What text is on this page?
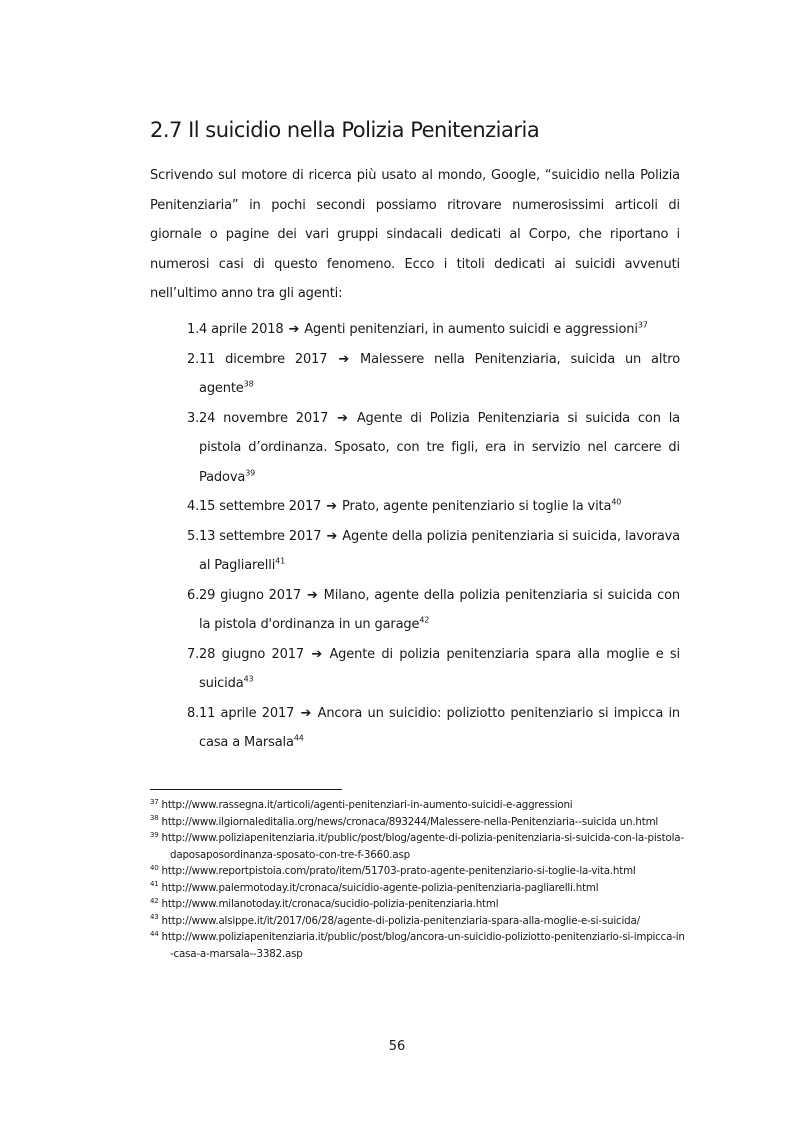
2.7 Il suicidio nella Polizia Penitenziaria

Scrivendo sul motore di ricerca più usato al mondo, Google, “suicidio nella Polizia Penitenziaria” in pochi secondi possiamo ritrovare numerosissimi articoli di giornale o pagine dei vari gruppi sindacali dedicati al Corpo, che riportano i numerosi casi di questo fenomeno. Ecco i titoli dedicati ai suicidi avvenuti nell’ultimo anno tra gli agenti:

1. 4 aprile 2018 ➔ Agenti penitenziari, in aumento suicidi e aggressioni$^{37}$
2. 11 dicembre 2017 ➔ Malessere nella Penitenziaria, suicida un altro agente$^{38}$
3. 24 novembre 2017 ➔ Agente di Polizia Penitenziaria si suicida con la pistola d’ordinanza. Sposato, con tre figli, era in servizio nel carcere di Padova$^{39}$
4. 15 settembre 2017 ➔ Prato, agente penitenziario si toglie la vita$^{40}$
5. 13 settembre 2017 ➔ Agente della polizia penitenziaria si suicida, lavorava al Pagliarelli$^{41}$
6. 29 giugno 2017 ➔ Milano, agente della polizia penitenziaria si suicida con la pistola d'ordinanza in un garage$^{42}$
7. 28 giugno 2017 ➔ Agente di polizia penitenziaria spara alla moglie e si suicida$^{43}$
8. 11 aprile 2017 ➔ Ancora un suicidio: poliziotto penitenziario si impicca in casa a Marsala$^{44}$
$^{37}$ http://www.rassegna.it/articoli/agenti-penitenziari-in-aumento-suicidi-e-aggressioni
$^{38}$ http://www.ilgiornaleditalia.org/news/cronaca/893244/Malessere-nella-Penitenziaria--suicida un.html
$^{39}$ http://www.poliziapenitenziaria.it/public/post/blog/agente-di-polizia-penitenziaria-si-suicida-con-la-pistola-daposaposordinanza-sposato-con-tre-f-3660.asp
$^{40}$ http://www.reportpistoia.com/prato/item/51703-prato-agente-penitenziario-si-toglie-la-vita.html
$^{41}$ http://www.palermotoday.it/cronaca/suicidio-agente-polizia-penitenziaria-pagliarelli.html
$^{42}$ http://www.milanotoday.it/cronaca/sucidio-polizia-penitenziaria.html
$^{43}$ http://www.alsippe.it/it/2017/06/28/agente-di-polizia-penitenziaria-spara-alla-moglie-e-si-suicida/
$^{44}$ http://www.poliziapenitenziaria.it/public/post/blog/ancora-un-suicidio-poliziotto-penitenziario-si-impicca-in-casa-a-marsala--3382.asp
56
